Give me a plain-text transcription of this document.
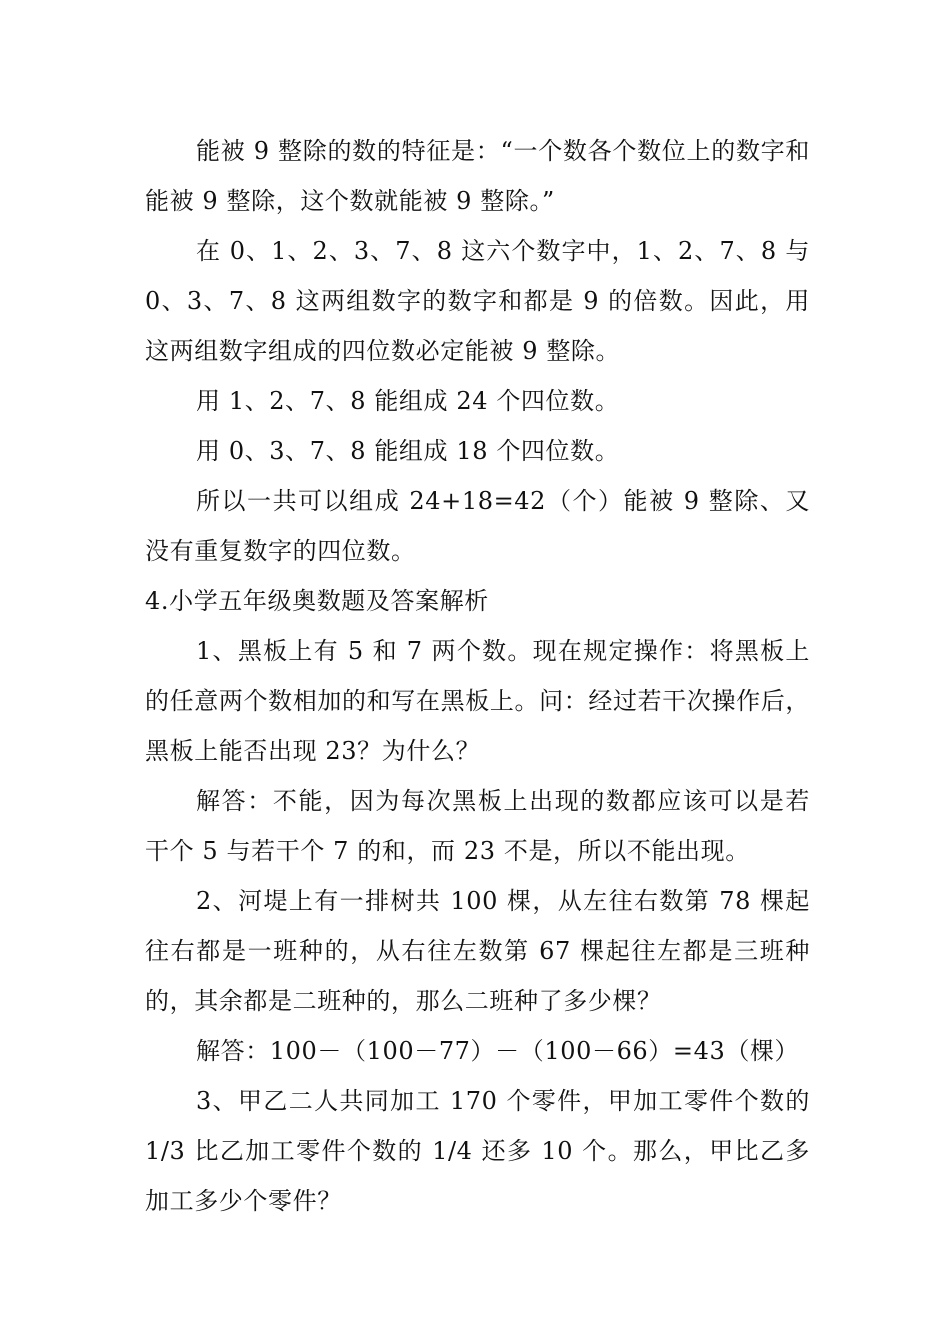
能被 9 整除的数的特征是：“一个数各个数位上的数字和能被 9 整除，这个数就能被 9 整除。”

在 0、1、2、3、7、8 这六个数字中，1、2、7、8 与 0、3、7、8 这两组数字的数字和都是 9 的倍数。因此，用这两组数字组成的四位数必定能被 9 整除。

用 1、2、7、8 能组成 24 个四位数。

用 0、3、7、8 能组成 18 个四位数。

所以一共可以组成 24+18=42（个）能被 9 整除、又没有重复数字的四位数。

4.小学五年级奥数题及答案解析

1、黑板上有 5 和 7 两个数。现在规定操作：将黑板上的任意两个数相加的和写在黑板上。问：经过若干次操作后，黑板上能否出现 23？为什么？

解答：不能，因为每次黑板上出现的数都应该可以是若干个 5 与若干个 7 的和，而 23 不是，所以不能出现。

2、河堤上有一排树共 100 棵，从左往右数第 78 棵起往右都是一班种的，从右往左数第 67 棵起往左都是三班种的，其余都是二班种的，那么二班种了多少棵？

解答：100－（100－77）－（100－66）=43（棵）

3、甲乙二人共同加工 170 个零件，甲加工零件个数的 1/3 比乙加工零件个数的 1/4 还多 10 个。那么，甲比乙多加工多少个零件？
